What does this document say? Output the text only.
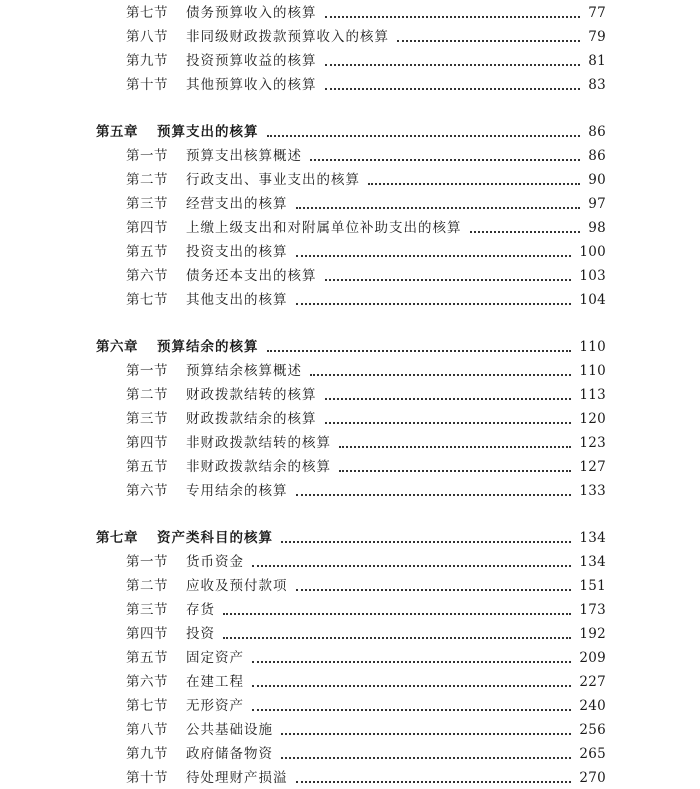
第七节 债务预算收入的核算	77
第八节 非同级财政拨款预算收入的核算	79
第九节 投资预算收益的核算	81
第十节 其他预算收入的核算	83
第五章 预算支出的核算	86
第一节 预算支出核算概述	86
第二节 行政支出、事业支出的核算	90
第三节 经营支出的核算	97
第四节 上缴上级支出和对附属单位补助支出的核算	98
第五节 投资支出的核算	100
第六节 债务还本支出的核算	103
第七节 其他支出的核算	104
第六章 预算结余的核算	110
第一节 预算结余核算概述	110
第二节 财政拨款结转的核算	113
第三节 财政拨款结余的核算	120
第四节 非财政拨款结转的核算	123
第五节 非财政拨款结余的核算	127
第六节 专用结余的核算	133
第七章 资产类科目的核算	134
第一节 货币资金	134
第二节 应收及预付款项	151
第三节 存货	173
第四节 投资	192
第五节 固定资产	209
第六节 在建工程	227
第七节 无形资产	240
第八节 公共基础设施	256
第九节 政府储备物资	265
第十节 待处理财产损溢	270
